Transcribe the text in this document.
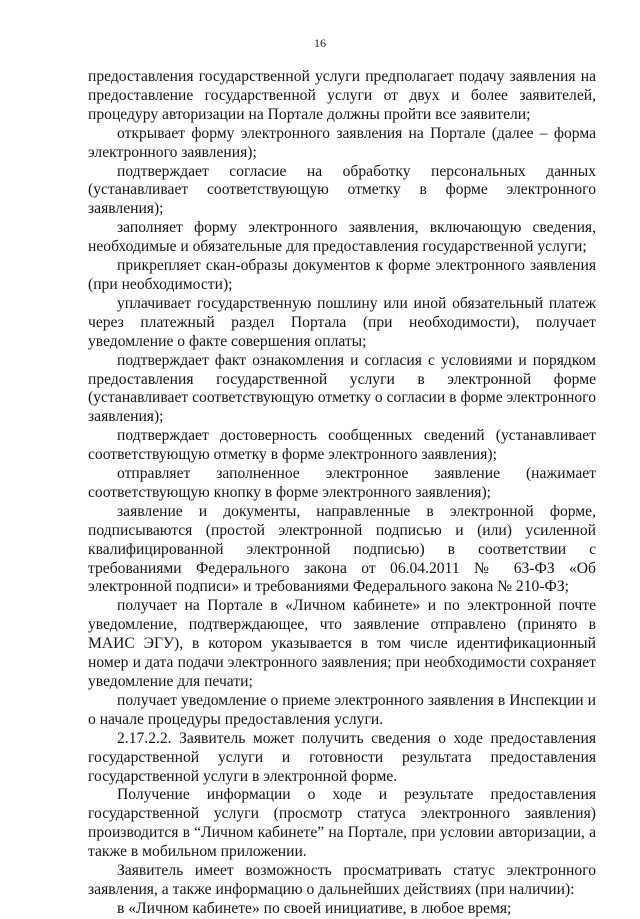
16

предоставления государственной услуги предполагает подачу заявления на предоставление государственной услуги от двух и более заявителей, процедуру авторизации на Портале должны пройти все заявители;

открывает форму электронного заявления на Портале (далее – форма электронного заявления);

подтверждает согласие на обработку персональных данных (устанавливает соответствующую отметку в форме электронного заявления);

заполняет форму электронного заявления, включающую сведения, необходимые и обязательные для предоставления государственной услуги;

прикрепляет скан-образы документов к форме электронного заявления (при необходимости);

уплачивает государственную пошлину или иной обязательный платеж через платежный раздел Портала (при необходимости), получает уведомление о факте совершения оплаты;

подтверждает факт ознакомления и согласия с условиями и порядком предоставления государственной услуги в электронной форме (устанавливает соответствующую отметку о согласии в форме электронного заявления);

подтверждает достоверность сообщенных сведений (устанавливает соответствующую отметку в форме электронного заявления);

отправляет заполненное электронное заявление (нажимает соответствующую кнопку в форме электронного заявления);

заявление и документы, направленные в электронной форме, подписываются (простой электронной подписью и (или) усиленной квалифицированной электронной подписью) в соответствии с требованиями Федерального закона от 06.04.2011 № 63-ФЗ «Об электронной подписи» и требованиями Федерального закона № 210-ФЗ;

получает на Портале в «Личном кабинете» и по электронной почте уведомление, подтверждающее, что заявление отправлено (принято в МАИС ЭГУ), в котором указывается в том числе идентификационный номер и дата подачи электронного заявления; при необходимости сохраняет уведомление для печати;

получает уведомление о приеме электронного заявления в Инспекции и о начале процедуры предоставления услуги.

2.17.2.2. Заявитель может получить сведения о ходе предоставления государственной услуги и готовности результата предоставления государственной услуги в электронной форме.

Получение информации о ходе и результате предоставления государственной услуги (просмотр статуса электронного заявления) производится в “Личном кабинете” на Портале, при условии авторизации, а также в мобильном приложении.

Заявитель имеет возможность просматривать статус электронного заявления, а также информацию о дальнейших действиях (при наличии):

в «Личном кабинете» по своей инициативе, в любое время;
